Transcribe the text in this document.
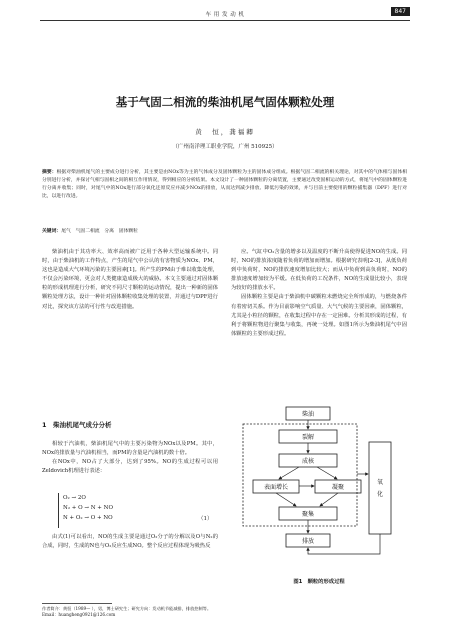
车 用 发 动 机	847
基于气固二相流的柴油机尾气固体颗粒处理
黄　恒，龚福卿
（广州南洋理工职业学院，广州 510925）
摘要：根据对柴油机尾气的主要成分进行分析，其主要是由NOx等为主的气体成分及固体颗粒为主的固体成分组成。根据气固二相流的相关理论，对其中的气体相与固体相分别进行分析，并探讨气相与固相之间的相互作用情况，得到相应的分析结果。本文设计了一种固体颗粒的分离装置，主要通过改变固相运动的方式，将尾气中的固体颗粒进行分离并收集；同时，对尾气中的NOx进行部分氧化还原反应并减少NOx的排放，从而达到减少排放、降低污染的效果，并与目前主要使用的颗粒捕集器（DPF）进行对比，以进行改进。
关键词：尾气　气固二相流　分离　固体颗粒

柴油机由于其功率大、效率高而被广泛用于各种大型运输系统中。同时，由于柴油机的工作特点，产生的尾气中公认的有害物质为NOx、PM，这也是造成大气环境污染的主要因素[1]。所产生的PM由于难以收集处理，不仅会污染环境，更会对人类健康造成极大的威胁。本文主要通过对固体颗粒的形成机理进行分析，研究不同尺寸颗粒的运动情况，提出一种新的固体颗粒处理方法，设计一种针对固体颗粒收集处理的装置，并通过与DPF进行对比，探究该方法的可行性与改进措施。

1　柴油机尾气成分分析

相较于汽油机，柴油机尾气中的主要污染物为NOx以及PM。其中，NOx的排放量与汽油机相当，而PM的含量是汽油机的数十倍。

在NOx中，NO占了大部分，达到了95%。NO的生成过程可以用Zeldovich机理进行表述：

O₂ → 2O
N₂ + O → N + NO
N + O₂ → O + NO	（1）

由式(1)可以看出，NO的生成主要是通过O₂分子的分解以及O与N₂的合成，同时，生成的N也与O₂反应生成NO。整个反应过程体现为吸热反

作者简介：黄恒（1989— ），男，博士研究生；研究方向：发动机节能减排，排放控制等。 Email：huangheng0921@126.com

应。气缸中O₂含量的增多以及温度的不断升高使得促进NO的生成。同时，NO的排放浓度随着负荷的增加而增加。根据研究表明[2-3]，从低负荷到中负荷时，NO的排放速度增加比较大；而从中负荷到高负荷时，NO的排放速度增加较为平缓。在低负荷的工况条件，NO的生成量比较小，表现为较好的排放水平。

固体颗粒主要是由于柴油机中碳颗粒未燃烧完全所形成的，与燃烧条件有着密切关系。作为目前影响空气质量、大气气候的主要因素，固体颗粒，尤其是小粒径的颗粒，在收集过程中存在一定困难。分析其形成的过程，有利于将颗粒物进行聚集与收集，再统一处理。如图1所示为柴油机尾气中固体颗粒的主要形成过程。

柴油
裂解
成核
表面增长	凝聚
聚集
排放
氧
化
图1　颗粒的形成过程
